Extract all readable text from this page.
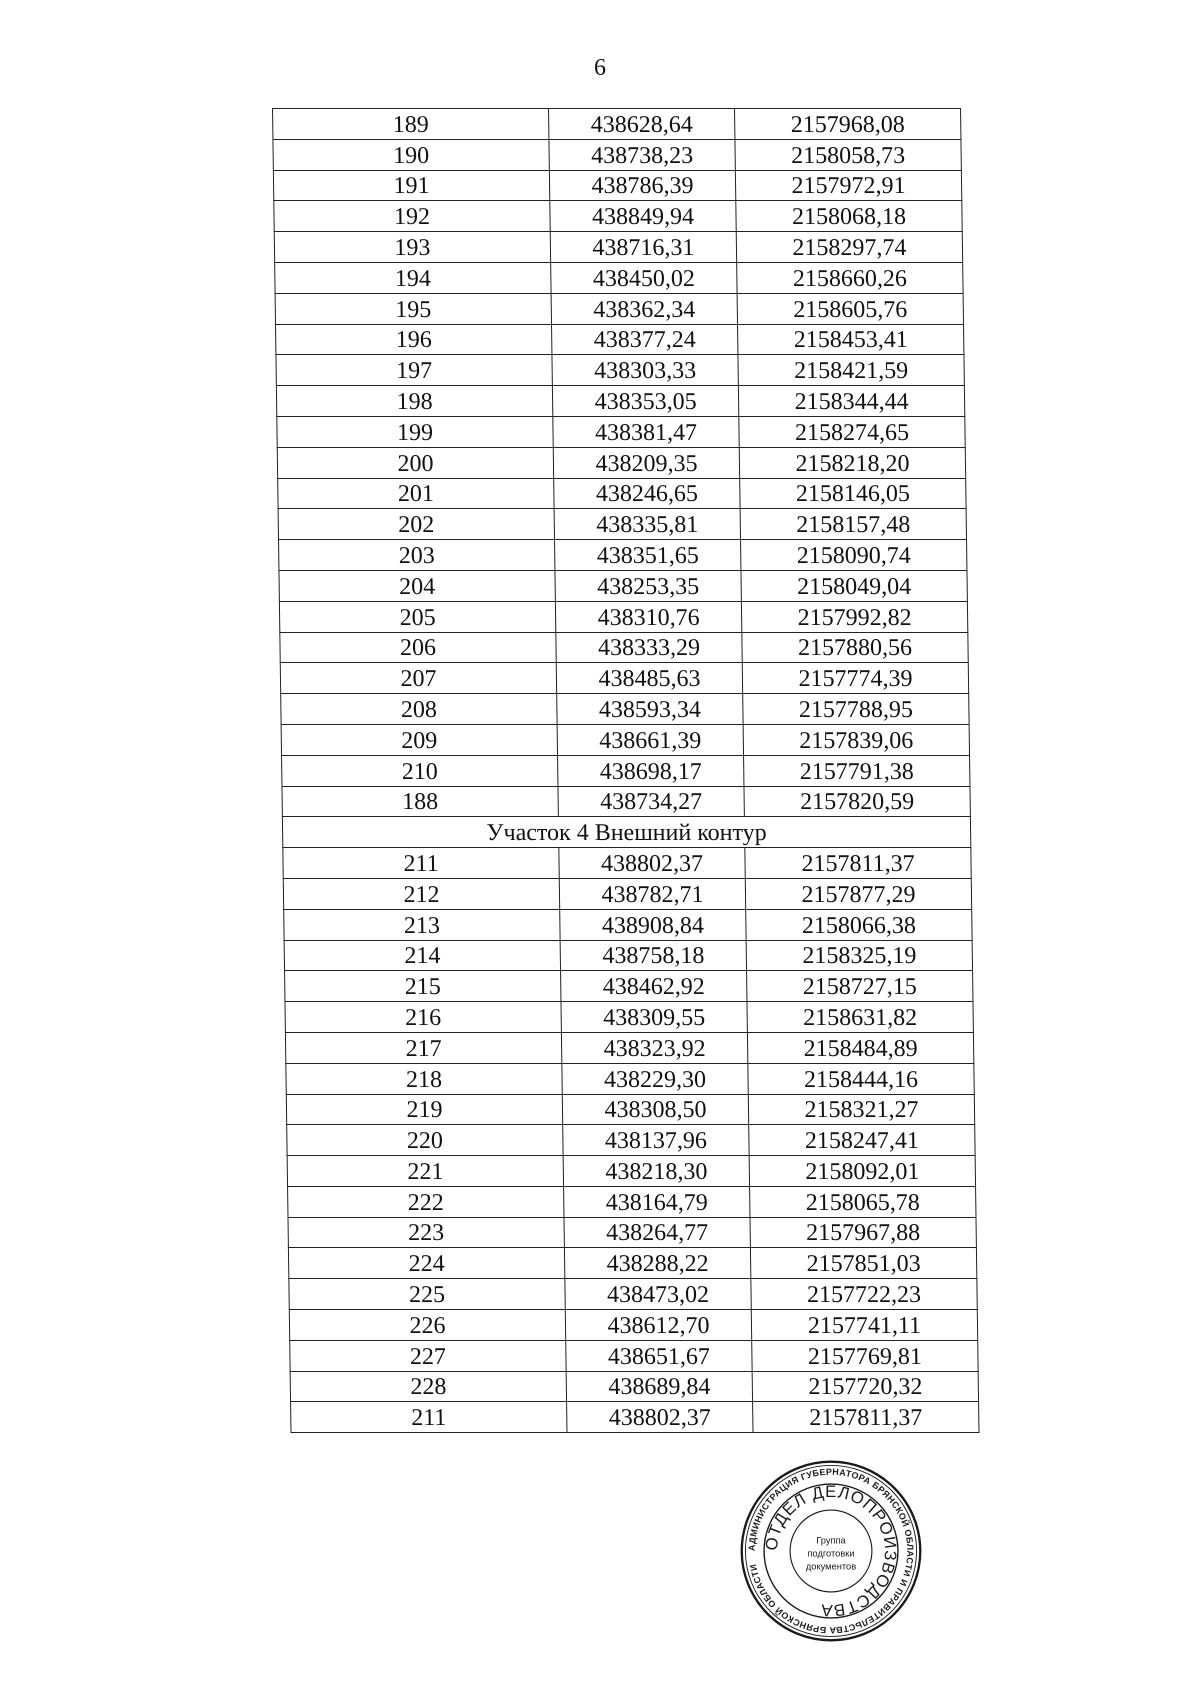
6
189	438628,64	2157968,08
190	438738,23	2158058,73
191	438786,39	2157972,91
192	438849,94	2158068,18
193	438716,31	2158297,74
194	438450,02	2158660,26
195	438362,34	2158605,76
196	438377,24	2158453,41
197	438303,33	2158421,59
198	438353,05	2158344,44
199	438381,47	2158274,65
200	438209,35	2158218,20
201	438246,65	2158146,05
202	438335,81	2158157,48
203	438351,65	2158090,74
204	438253,35	2158049,04
205	438310,76	2157992,82
206	438333,29	2157880,56
207	438485,63	2157774,39
208	438593,34	2157788,95
209	438661,39	2157839,06
210	438698,17	2157791,38
188	438734,27	2157820,59
Участок 4 Внешний контур		
211	438802,37	2157811,37
212	438782,71	2157877,29
213	438908,84	2158066,38
214	438758,18	2158325,19
215	438462,92	2158727,15
216	438309,55	2158631,82
217	438323,92	2158484,89
218	438229,30	2158444,16
219	438308,50	2158321,27
220	438137,96	2158247,41
221	438218,30	2158092,01
222	438164,79	2158065,78
223	438264,77	2157967,88
224	438288,22	2157851,03
225	438473,02	2157722,23
226	438612,70	2157741,11
227	438651,67	2157769,81
228	438689,84	2157720,32
211	438802,37	2157811,37
АДМИНИСТРАЦИЯ ГУБЕРНАТОРА БРЯНСКОЙ ОБЛАСТИ И ПРАВИТЕЛЬСТВА БРЯНСКОЙ ОБЛАСТИ
ОТДЕЛ ДЕЛОПРОИЗВОДСТВА
Группа
подготовки
документов
